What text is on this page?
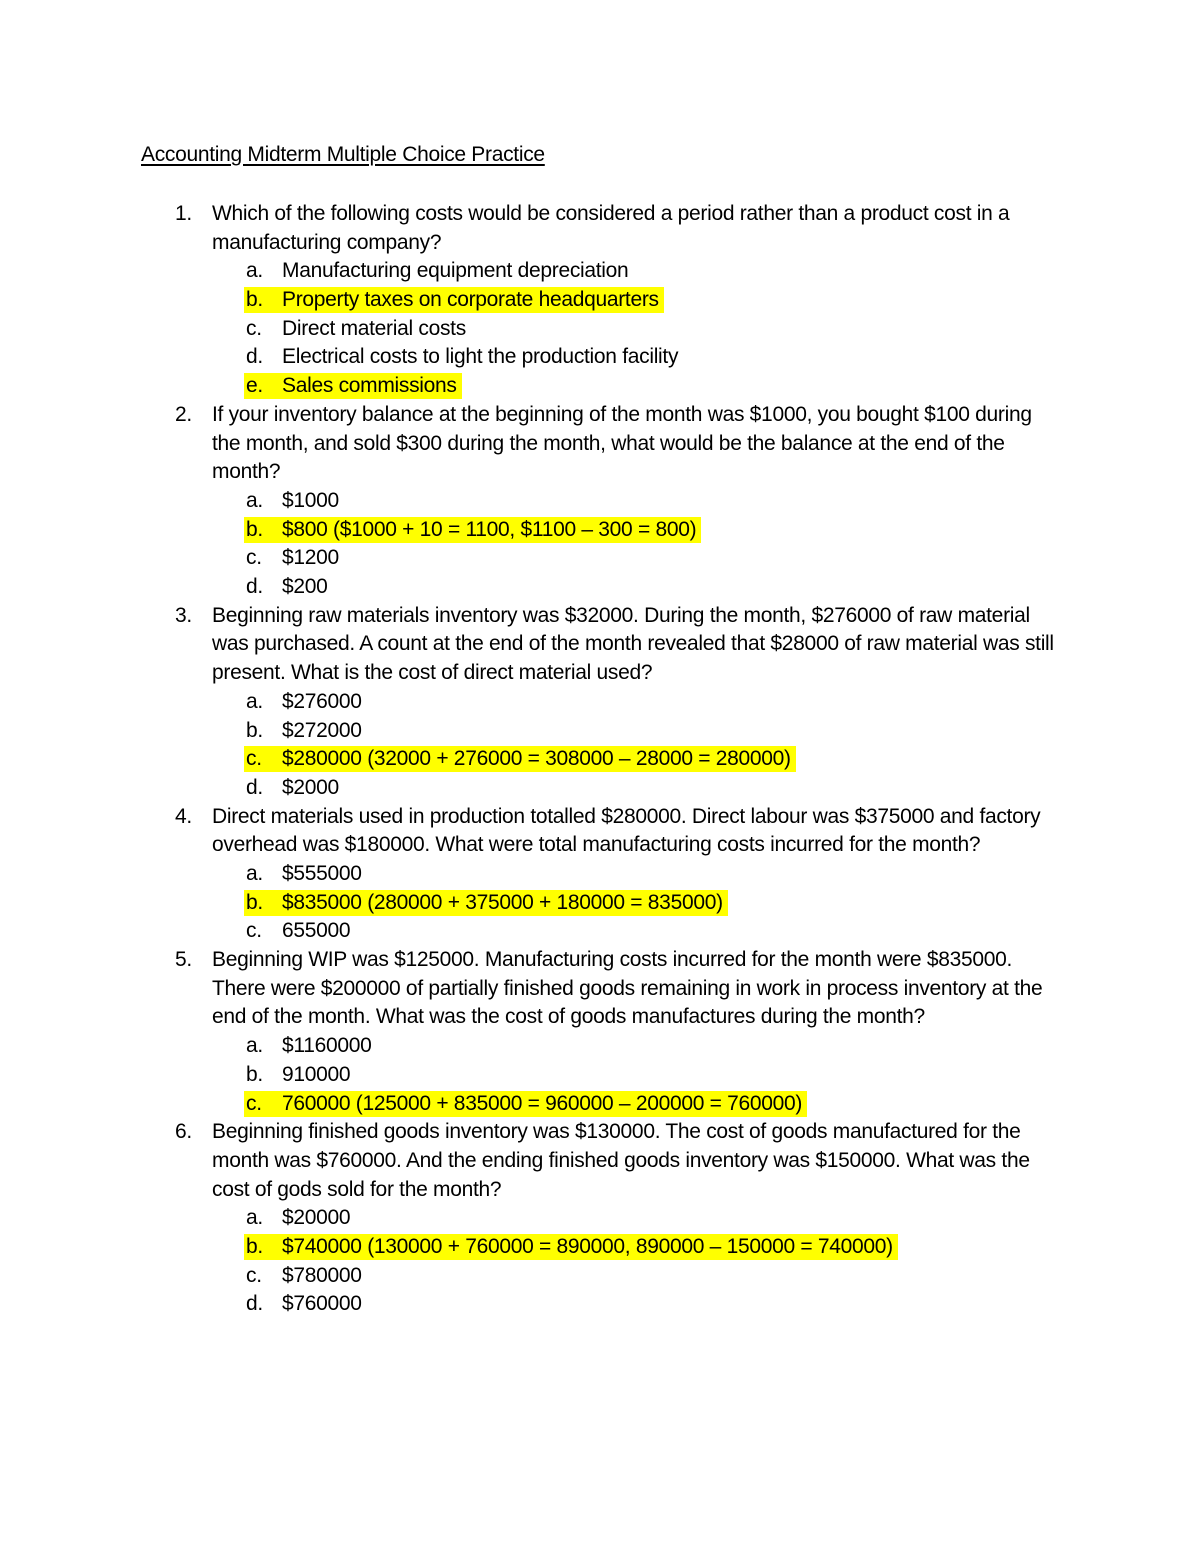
Accounting Midterm Multiple Choice Practice
1. Which of the following costs would be considered a period rather than a product cost in a manufacturing company?

a. Manufacturing equipment depreciation
b. Property taxes on corporate headquarters
c. Direct material costs
d. Electrical costs to light the production facility
e. Sales commissions
2. If your inventory balance at the beginning of the month was $1000, you bought $100 during the month, and sold $300 during the month, what would be the balance at the end of the month?

a. $1000
b. $800 ($1000 + 10 = 1100, $1100 – 300 = 800)
c. $1200
d. $200
3. Beginning raw materials inventory was $32000. During the month, $276000 of raw material was purchased. A count at the end of the month revealed that $28000 of raw material was still present. What is the cost of direct material used?

a. $276000
b. $272000
c. $280000 (32000 + 276000 = 308000 – 28000 = 280000)
d. $2000
4. Direct materials used in production totalled $280000. Direct labour was $375000 and factory overhead was $180000. What were total manufacturing costs incurred for the month?

a. $555000
b. $835000 (280000 + 375000 + 180000 = 835000)
c. 655000
5. Beginning WIP was $125000. Manufacturing costs incurred for the month were $835000. There were $200000 of partially finished goods remaining in work in process inventory at the end of the month. What was the cost of goods manufactures during the month?

a. $1160000
b. 910000
c. 760000 (125000 + 835000 = 960000 – 200000 = 760000)
6. Beginning finished goods inventory was $130000. The cost of goods manufactured for the month was $760000. And the ending finished goods inventory was $150000. What was the cost of gods sold for the month?

a. $20000
b. $740000 (130000 + 760000 = 890000, 890000 – 150000 = 740000)
c. $780000
d. $760000
